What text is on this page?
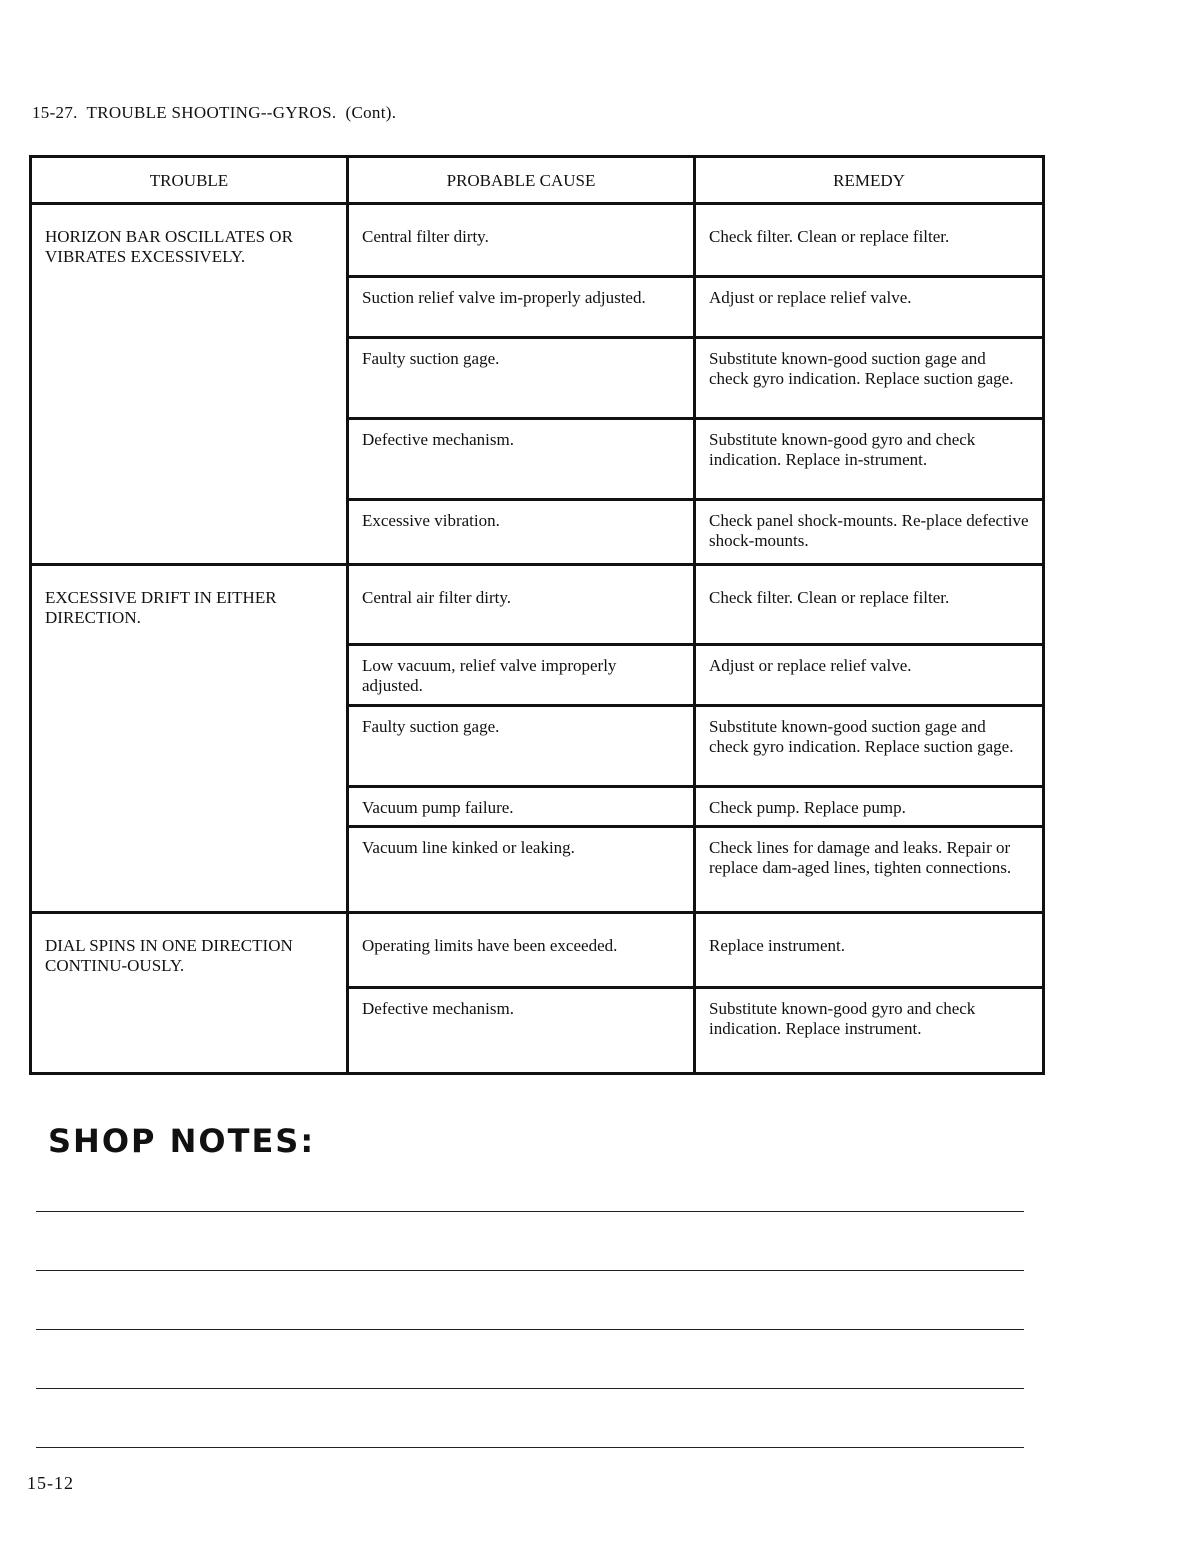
15-27.  TROUBLE SHOOTING--GYROS.  (Cont).
TROUBLE	PROBABLE CAUSE	REMEDY
HORIZON BAR OSCILLATES OR VIBRATES EXCESSIVELY.	Central filter dirty.	Check filter. Clean or replace filter.
	Suction relief valve im-properly adjusted.	Adjust or replace relief valve.
	Faulty suction gage.	Substitute known-good suction gage and check gyro indication. Replace suction gage.
	Defective mechanism.	Substitute known-good gyro and check indication. Replace in-strument.
	Excessive vibration.	Check panel shock-mounts. Re-place defective shock-mounts.
EXCESSIVE DRIFT IN EITHER DIRECTION.	Central air filter dirty.	Check filter. Clean or replace filter.
	Low vacuum, relief valve improperly adjusted.	Adjust or replace relief valve.
	Faulty suction gage.	Substitute known-good suction gage and check gyro indication. Replace suction gage.
	Vacuum pump failure.	Check pump. Replace pump.
	Vacuum line kinked or leaking.	Check lines for damage and leaks. Repair or replace dam-aged lines, tighten connections.
DIAL SPINS IN ONE DIRECTION CONTINU-OUSLY.	Operating limits have been exceeded.	Replace instrument.
	Defective mechanism.	Substitute known-good gyro and check indication. Replace instrument.
SHOP NOTES:
15-12
